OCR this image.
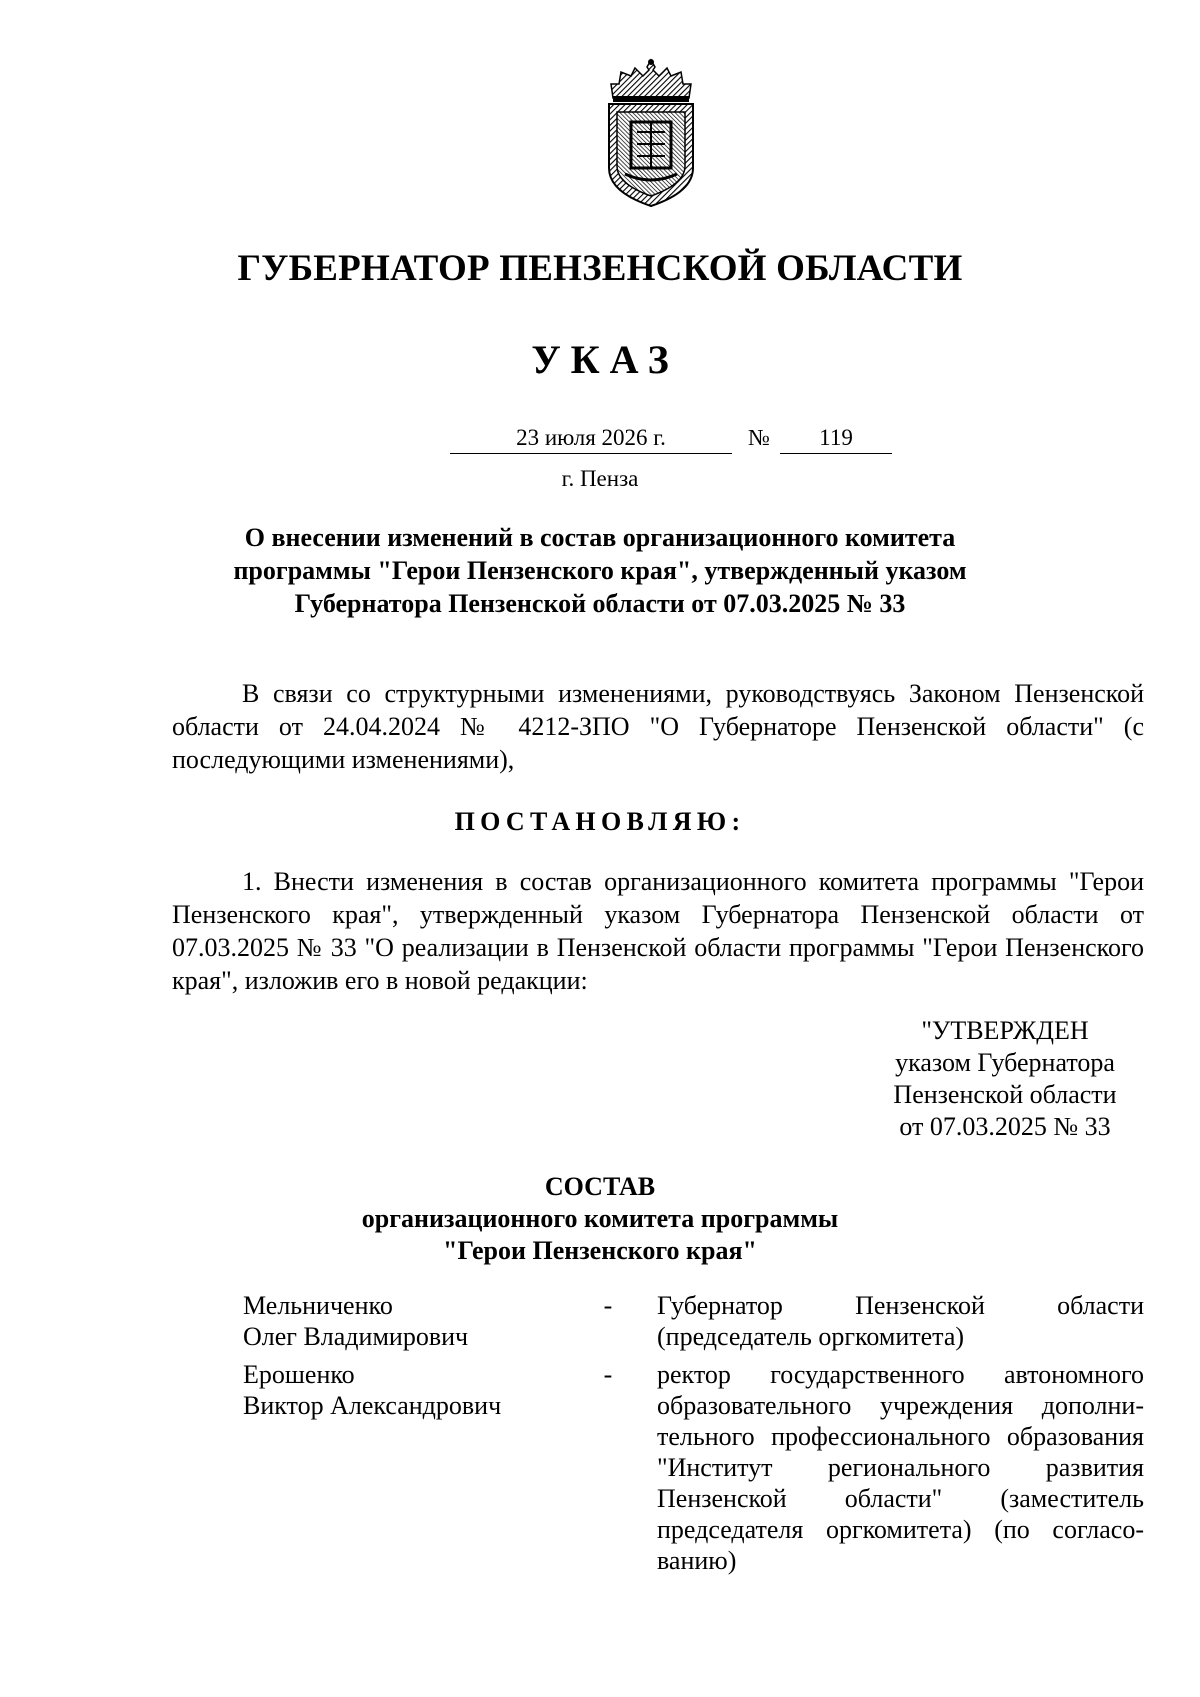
ГУБЕРНАТОР ПЕНЗЕНСКОЙ ОБЛАСТИ
УКАЗ
23 июля 2026 г.	№	119
г. Пенза
О внесении изменений в состав организационного комитета
программы "Герои Пензенского края", утвержденный указом
Губернатора Пензенской области от 07.03.2025 № 33
В связи со структурными изменениями, руководствуясь Законом Пензенской области от 24.04.2024 № 4212-ЗПО "О Губернаторе Пензенской области" (с последующими изменениями),
ПОСТАНОВЛЯЮ:
1. Внести изменения в состав организационного комитета программы "Герои Пензенского края", утвержденный указом Губернатора Пензенской области от 07.03.2025 № 33 "О реализации в Пензенской области программы "Герои Пензенского края", изложив его в новой редакции:
"УТВЕРЖДЕН
указом Губернатора
Пензенской области
от 07.03.2025 № 33
СОСТАВ
организационного комитета программы
"Герои Пензенского края"
Мельниченко
Олег Владимирович
- Губернатор Пензенской области (председатель оргкомитета)
Ерошенко
Виктор Александрович
- ректор государственного автономного образовательного учреждения дополни-тельного профессионального образования "Институт регионального развития Пензенской области" (заместитель председателя оргкомитета) (по согласо-ванию)
